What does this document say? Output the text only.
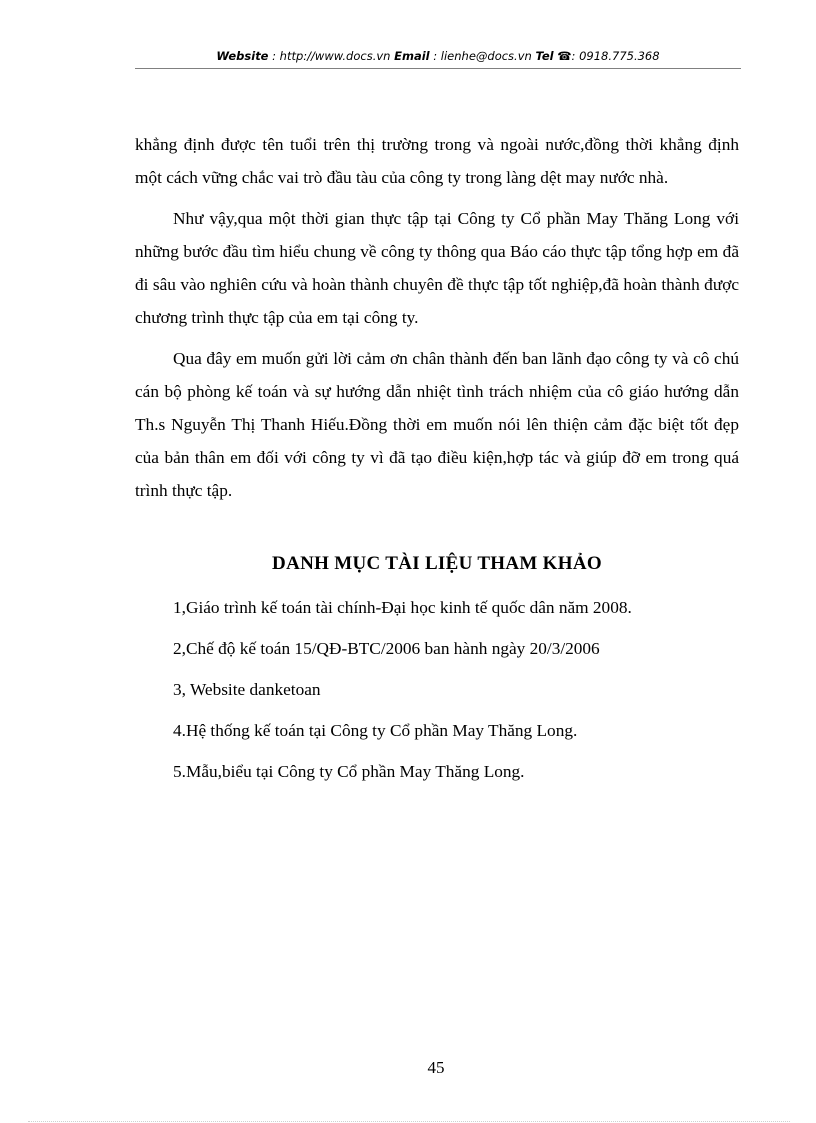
Website : http://www.docs.vn Email : lienhe@docs.vn Tel ☎: 0918.775.368

khẳng định được tên tuổi trên thị trường trong và ngoài nước,đồng thời khẳng định một cách vững chắc vai trò đầu tàu của công ty trong làng dệt may nước nhà.

Như vậy,qua một thời gian thực tập tại Công ty Cổ phần May Thăng Long với những bước đầu tìm hiểu chung về công ty thông qua Báo cáo thực tập tổng hợp em đã đi sâu vào nghiên cứu và hoàn thành chuyên đề thực tập tốt nghiệp,đã hoàn thành được chương trình thực tập của em tại công ty.

Qua đây em muốn gửi lời cảm ơn chân thành đến ban lãnh đạo công ty và cô chú cán bộ phòng kế toán và sự hướng dẫn nhiệt tình trách nhiệm của cô giáo hướng dẫn Th.s Nguyễn Thị Thanh Hiếu.Đồng thời em muốn nói lên thiện cảm đặc biệt tốt đẹp của bản thân em đối với công ty vì đã tạo điều kiện,hợp tác và giúp đỡ em trong quá trình thực tập.

DANH MỤC TÀI LIỆU THAM KHẢO
1,Giáo trình kế toán tài chính-Đại học kinh tế quốc dân năm 2008.
2,Chế độ kế toán 15/QĐ-BTC/2006 ban hành ngày 20/3/2006
3, Website danketoan
4.Hệ thống kế toán tại Công ty Cổ phần May Thăng Long.
5.Mẫu,biểu tại Công ty Cổ phần May Thăng Long.
45
